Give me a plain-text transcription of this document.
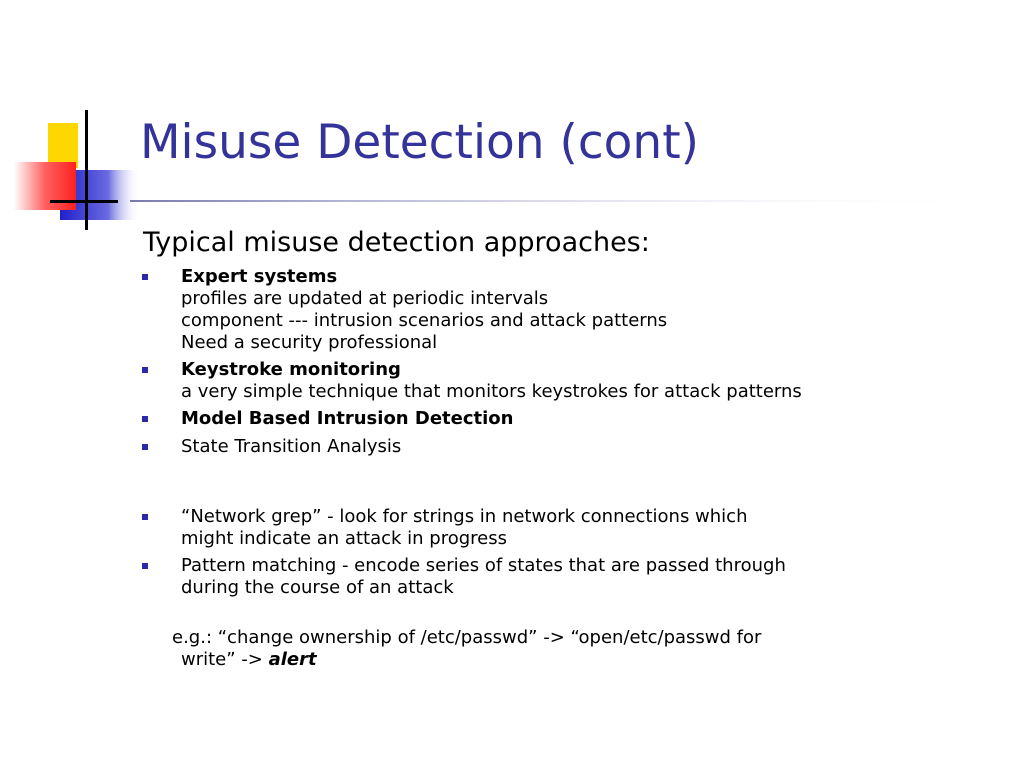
Misuse Detection (cont)
Typical misuse detection approaches:
Expert systems
profiles are updated at periodic intervals
component --- intrusion scenarios and attack patterns
Need a security professional
Keystroke monitoring
a very simple technique that monitors keystrokes for attack patterns
Model Based Intrusion Detection
State Transition Analysis
“Network grep” - look for strings in network connections which
might indicate an attack in progress
Pattern matching - encode series of states that are passed through
during the course of an attack
e.g.: “change ownership of /etc/passwd” -> “open/etc/passwd for
write” -> alert
